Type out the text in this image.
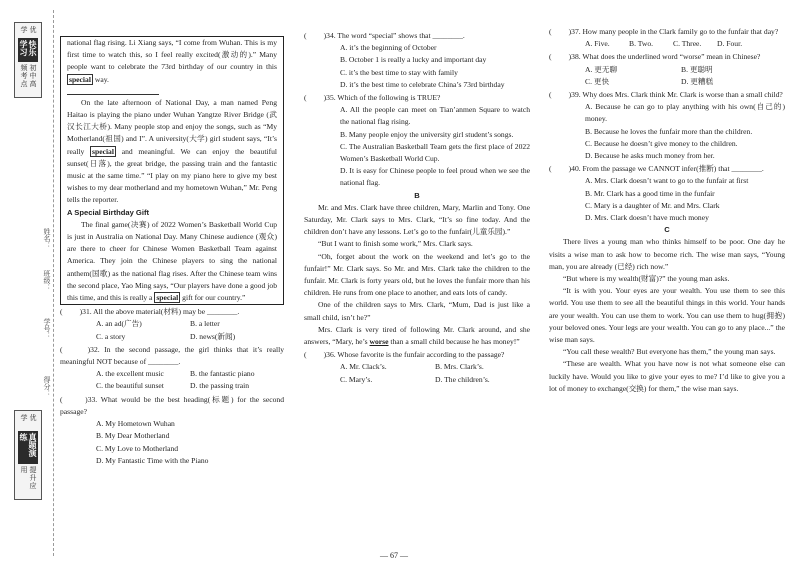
优学
快乐学习
初中高频考点
姓名：
班级：
学号：
得分：
优学
真题演练
提升应用

national flag rising. Li Xiang says, “I come from Wuhan. This is my first time to watch this, so I feel really excited(激动的).” Many people want to celebrate the 73rd birthday of our country in this special way.

On the late afternoon of National Day, a man named Peng Haitao is playing the piano under Wuhan Yangtze River Bridge (武汉长江大桥). Many people stop and enjoy the songs, such as “My Motherland(祖国) and I”. A university(大学) girl student says, “It’s really special and meaningful. We can enjoy the beautiful sunset(日落), the great bridge, the passing train and the fantastic music at the same time.” “I play on my piano here to give my best wishes to my dear motherland and my hometown Wuhan,” Mr. Peng tells the reporter.

A Special Birthday Gift

The final game(决赛) of 2022 Women’s Basketball World Cup is just in Australia on National Day. Many Chinese audience (观众) are there to cheer for Chinese Women Basketball Team against America. They join the Chinese players to sing the national anthem(国歌) as the national flag rises. After the Chinese team wins the second place, Yao Ming says, “Our players have done a good job this time, and this is really a special gift for our country.”

( 　　)31. All the above material(材料) may be ________.

A. an ad(广告)	B. a letter
C. a story	D. news(新闻)

( 　　)32. In the second passage, the girl thinks that it’s really meaningful NOT because of ________.

A. the excellent music	B. the fantastic piano
C. the beautiful sunset	D. the passing train

( 　　)33. What would be the best heading(标题) for the second passage?

A. My Hometown Wuhan

B. My Dear Motherland

C. My Love to Motherland

D. My Fantastic Time with the Piano

( 　　)34. The word “special” shows that ________.

A. it’s the beginning of October

B. October 1 is really a lucky and important day

C. it’s the best time to stay with family

D. it’s the best time to celebrate China’s 73rd birthday

( 　　)35. Which of the following is TRUE?

A. All the people can meet on Tian’anmen Square to watch the national flag rising.

B. Many people enjoy the university girl student’s songs.

C. The Australian Basketball Team gets the first place of 2022 Women’s Basketball World Cup.

D. It is easy for Chinese people to feel proud when we see the national flag.

B

Mr. and Mrs. Clark have three children, Mary, Marlin and Tony. One Saturday, Mr. Clark says to Mrs. Clark, “It’s so fine today. And the children don’t have any lessons. Let’s go to the funfair(儿童乐园).”

“But I want to finish some work,” Mrs. Clark says.

“Oh, forget about the work on the weekend and let’s go to the funfair!” Mr. Clark says. So Mr. and Mrs. Clark take the children to the funfair. Mr. Clark is forty years old, but he loves the funfair more than his children. He runs from one place to another, and eats lots of candy.

One of the children says to Mrs. Clark, “Mum, Dad is just like a small child, isn’t he?”

Mrs. Clark is very tired of following Mr. Clark around, and she answers, “Mary, he’s worse than a small child because he has money!”

( 　　)36. Whose favorite is the funfair according to the passage?

A. Mr. Clack’s.	B. Mrs. Clark’s.
C. Mary’s.	D. The children’s.

( 　　)37. How many people in the Clark family go to the funfair that day?

A. Five.	B. Two.	C. Three.	D. Four.

( 　　)38. What does the underlined word “worse” mean in Chinese?

A. 更无聊	B. 更聪明
C. 更快	D. 更糟糕

( 　　)39. Why does Mrs. Clark think Mr. Clark is worse than a small child?

A. Because he can go to play anything with his own(自己的) money.

B. Because he loves the funfair more than the children.

C. Because he doesn’t give money to the children.

D. Because he asks much money from her.

( 　　)40. From the passage we CANNOT infer(推断) that ________.

A. Mrs. Clark doesn’t want to go to the funfair at first

B. Mr. Clark has a good time in the funfair

C. Mary is a daughter of Mr. and Mrs. Clark

D. Mrs. Clark doesn’t have much money

C

There lives a young man who thinks himself to be poor. One day he visits a wise man to ask how to become rich. The wise man says, “Young man, you are already (已经) rich now.”

“But where is my wealth(财富)?” the young man asks.

“It is with you. Your eyes are your wealth. You use them to see this world. You use them to see all the beautiful things in this world. Your hands are your wealth. You can use them to work. You can use them to hug(拥抱) your beloved ones. Your legs are your wealth. You can go to any place...” the wise man says.

“You call these wealth? But everyone has them,” the young man says.

“These are wealth. What you have now is not what someone else can luckily have. Would you like to give your eyes to me? I’d like to give you a lot of money to exchange(交换) for them,” the wise man says.

— 67 —
